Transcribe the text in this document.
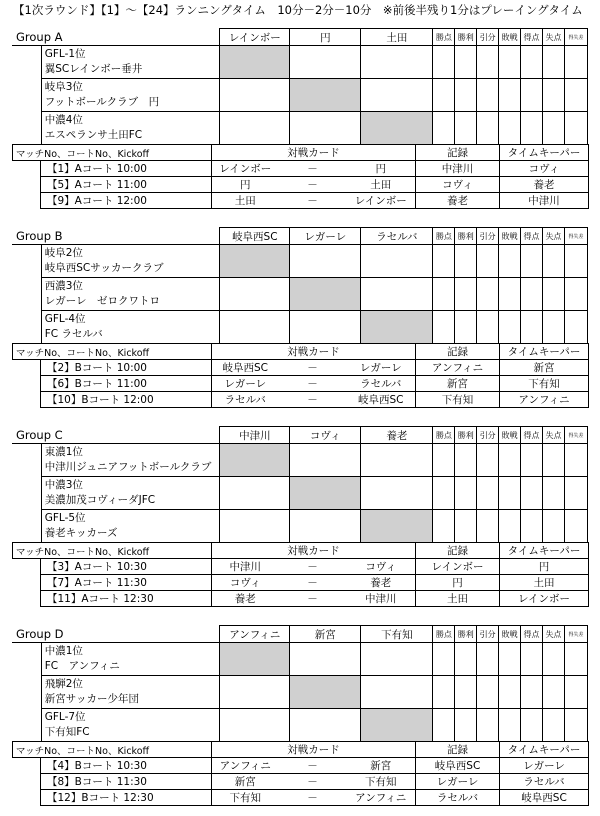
【1次ラウンド】【1】～【24】ランニングタイム　10分－2分－10分　※前後半残り1分はプレーイングタイム
Group A		レインボー	円	土田	勝点	勝利	引分	敗戦	得点	失点	得失差

	GFL-1位
翼SCレインボー垂井										

	岐阜3位
フットボールクラブ　円										

	中濃4位
エスペランサ土田FC										

マッチNo、コートNo、Kickoff		対戦カード			記録	タイムキーパー
	【1】Aコート 10:00	レインボー	－	円	中津川	コヴィ
	【5】Aコート 11:00	円	－	土田	コヴィ	養老
	【9】Aコート 12:00	土田	－	レインボー	養老	中津川
Group B		岐阜西SC	レガーレ	ラセルバ	勝点	勝利	引分	敗戦	得点	失点	得失差

	岐阜2位
岐阜西SCサッカークラブ										

	西濃3位
レガーレ　ゼロクワトロ										

	GFL-4位
FC ラセルバ										

マッチNo、コートNo、Kickoff		対戦カード			記録	タイムキーパー
	【2】Bコート 10:00	岐阜西SC	－	レガーレ	アンフィニ	新宮
	【6】Bコート 11:00	レガーレ	－	ラセルバ	新宮	下有知
	【10】Bコート 12:00	ラセルバ	－	岐阜西SC	下有知	アンフィニ
Group C		中津川	コヴィ	養老	勝点	勝利	引分	敗戦	得点	失点	得失差

	東濃1位
中津川ジュニアフットボールクラブ										

	中濃3位
美濃加茂コヴィーダJFC										

	GFL-5位
養老キッカーズ										

マッチNo、コートNo、Kickoff		対戦カード			記録	タイムキーパー
	【3】Aコート 10:30	中津川	－	コヴィ	レインボー	円
	【7】Aコート 11:30	コヴィ	－	養老	円	土田
	【11】Aコート 12:30	養老	－	中津川	土田	レインボー
Group D		アンフィニ	新宮	下有知	勝点	勝利	引分	敗戦	得点	失点	得失差

	中濃1位
FC　アンフィニ										

	飛騨2位
新宮サッカー少年団										

	GFL-7位
下有知FC										

マッチNo、コートNo、Kickoff		対戦カード			記録	タイムキーパー
	【4】Bコート 10:30	アンフィニ	－	新宮	岐阜西SC	レガーレ
	【8】Bコート 11:30	新宮	－	下有知	レガーレ	ラセルバ
	【12】Bコート 12:30	下有知	－	アンフィニ	ラセルバ	岐阜西SC
